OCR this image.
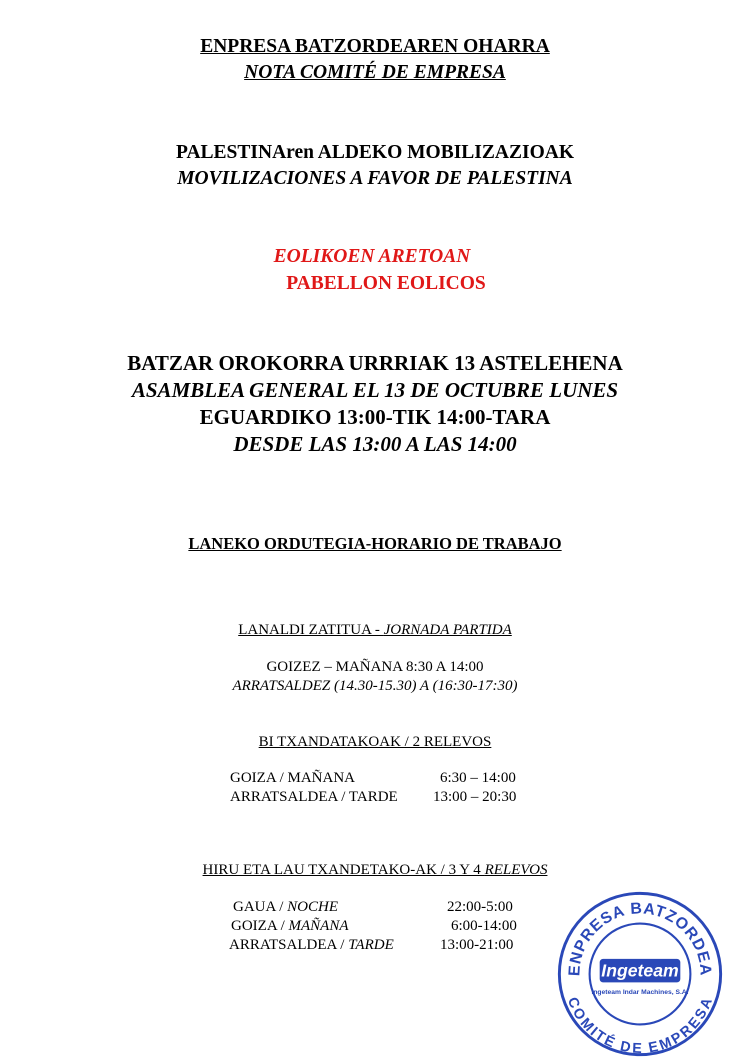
ENPRESA BATZORDEAREN OHARRA
NOTA COMITÉ DE EMPRESA
PALESTINAren ALDEKO MOBILIZAZIOAK
MOVILIZACIONES A FAVOR DE PALESTINA
EOLIKOEN ARETOAN
PABELLON EOLICOS
BATZAR OROKORRA URRRIAK 13 ASTELEHENA
ASAMBLEA GENERAL EL 13 DE OCTUBRE LUNES
EGUARDIKO 13:00-TIK 14:00-TARA
DESDE LAS 13:00 A LAS 14:00
LANEKO ORDUTEGIA-HORARIO DE TRABAJO
LANALDI ZATITUA - JORNADA PARTIDA
GOIZEZ – MAÑANA 8:30 A 14:00
ARRATSALDEZ (14.30-15.30) A (16:30-17:30)
BI TXANDATAKOAK / 2 RELEVOS
GOIZA / MAÑANA	6:30 – 14:00
ARRATSALDEA / TARDE 13:00 – 20:30
HIRU ETA LAU TXANDETAKO-AK / 3 Y 4 RELEVOS
GAUA / NOCHE	22:00-5:00
GOIZA / MAÑANA	6:00-14:00
ARRATSALDEA / TARDE	13:00-21:00
ENPRESA BATZORDEA
COMITÉ DE EMPRESA
Ingeteam
Ingeteam Indar Machines, S.A.
